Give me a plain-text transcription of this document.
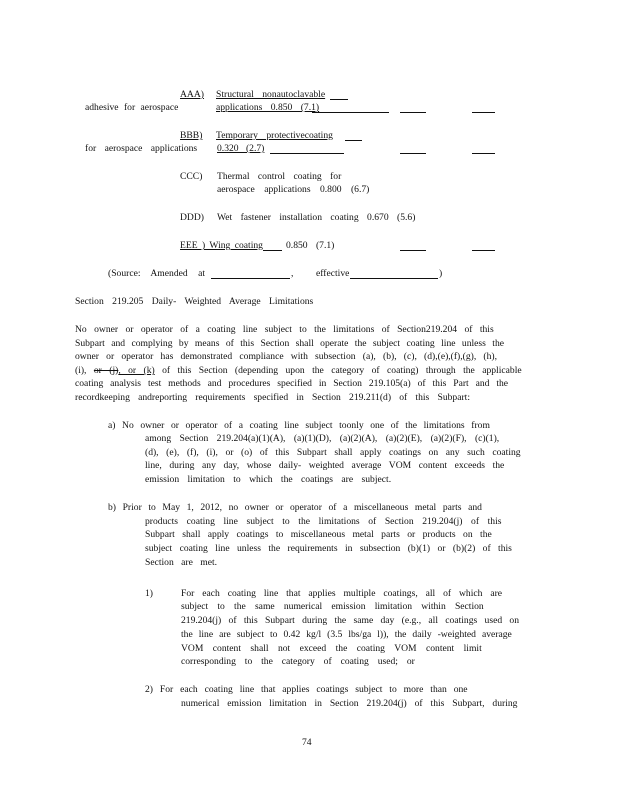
AAA) Structural nonautoclavable
adhesive for aerospace	applications 0.850 (7.1)
BBB) Temporary protectivecoating
for aerospace applications 0.320 (2.7)
CCC) Thermal control coating for
aerospace applications 0.800 (6.7)
DDD) Wet fastener installation coating 0.670 (5.6)
EEE ) Wing coating 0.850 (7.1)
(Source: Amended at	, effective	)
Section 219.205 Daily- Weighted Average Limitations
No owner or operator of a coating line subject to the limitations of Section219.204 of this
Subpart and complying by means of this Section shall operate the subject coating line unless the
owner or operator has demonstrated compliance with subsection (a), (b), (c), (d),(e),(f),(g), (h),
(i), or (j), or (k) of this Section (depending upon the category of coating) through the applicable
coating analysis test methods and procedures specified in Section 219.105(a) of this Part and the
recordkeeping andreporting requirements specified in Section 219.211(d) of this Subpart:
a) No owner or operator of a coating line subject toonly one of the limitations from
among Section 219.204(a)(1)(A), (a)(1)(D), (a)(2)(A), (a)(2)(E), (a)(2)(F), (c)(1),
(d), (e), (f), (i), or (o) of this Subpart shall apply coatings on any such coating
line, during any day, whose daily- weighted average VOM content exceeds the
emission limitation to which the coatings are subject.
b) Prior to May 1, 2012, no owner or operator of a miscellaneous metal parts and
products coating line subject to the limitations of Section 219.204(j) of this
Subpart shall apply coatings to miscellaneous metal parts or products on the
subject coating line unless the requirements in subsection (b)(1) or (b)(2) of this
Section are met.
1)	For each coating line that applies multiple coatings, all of which are
subject to the same numerical emission limitation within Section
219.204(j) of this Subpart during the same day (e.g., all coatings used on
the line are subject to 0.42 kg/l (3.5 lbs/ga l)), the daily -weighted average
VOM content shall not exceed the coating VOM content limit
corresponding to the category of coating used; or
2) For each coating line that applies coatings subject to more than one
numerical emission limitation in Section 219.204(j) of this Subpart, during
74
